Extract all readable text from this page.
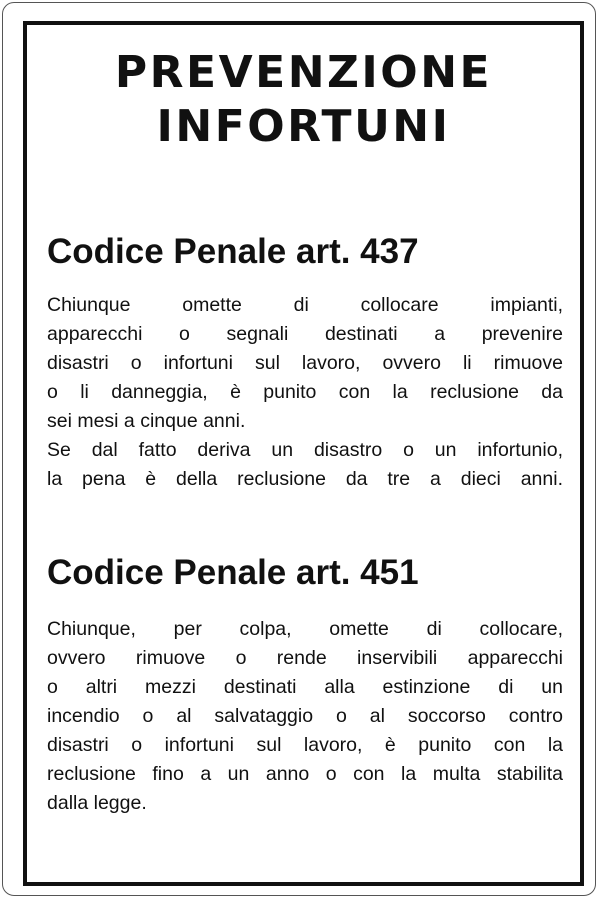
PREVENZIONE
INFORTUNI
Codice Penale art. 437
Chiunque omette di collocare impianti,
apparecchi o segnali destinati a prevenire
disastri o infortuni sul lavoro, ovvero li rimuove
o li danneggia, è punito con la reclusione da
sei mesi a cinque anni.
Se dal fatto deriva un disastro o un infortunio,
la pena è della reclusione da tre a dieci anni.
Codice Penale art. 451
Chiunque, per colpa, omette di collocare,
ovvero rimuove o rende inservibili apparecchi
o altri mezzi destinati alla estinzione di un
incendio o al salvataggio o al soccorso contro
disastri o infortuni sul lavoro, è punito con la
reclusione fino a un anno o con la multa stabilita
dalla legge.
